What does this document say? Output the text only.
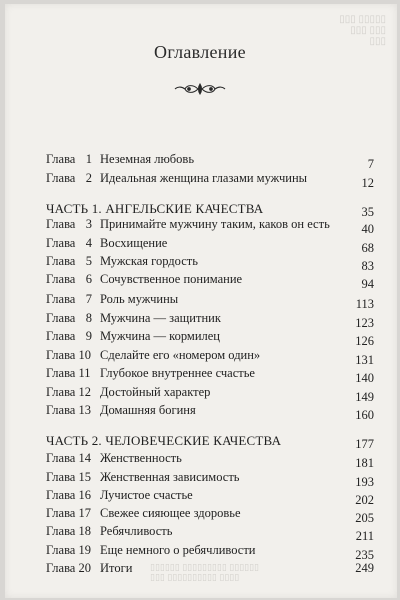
▯▯▯ ▯▯▯▯▯
▯▯▯ ▯▯▯
▯▯▯
▯▯▯▯▯▯ ▯▯▯▯▯▯▯▯▯ ▯▯▯▯▯▯
▯▯▯ ▯▯▯▯▯▯▯▯▯▯ ▯▯▯▯
Оглавление
Глава 1 Неземная любовь	7
Глава 2 Идеальная женщина глазами мужчины	12
ЧАСТЬ 1. АНГЕЛЬСКИЕ КАЧЕСТВА	35
Глава 3 Принимайте мужчину таким, каков он есть	40
Глава 4 Восхищение	68
Глава 5 Мужская гордость	83
Глава 6 Сочувственное понимание	94
Глава 7 Роль мужчины	113
Глава 8 Мужчина — защитник	123
Глава 9 Мужчина — кормилец	126
Глава 10 Сделайте его «номером один»	131
Глава 11 Глубокое внутреннее счастье	140
Глава 12 Достойный характер	149
Глава 13 Домашняя богиня	160
ЧАСТЬ 2. ЧЕЛОВЕЧЕСКИЕ КАЧЕСТВА	177
Глава 14 Женственность	181
Глава 15 Женственная зависимость	193
Глава 16 Лучистое счастье	202
Глава 17 Свежее сияющее здоровье	205
Глава 18 Ребячливость	211
Глава 19 Еще немного о ребячливости	235
Глава 20 Итоги	249
